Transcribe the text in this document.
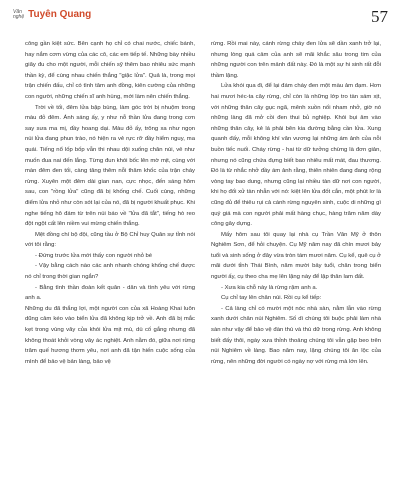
Văn
nghệ Tuyên Quang	57

công gần kiệt sức. Bên cạnh họ chỉ có chai nước, chiếc bánh, hay nắm cơm vừng của các cô, các em tiếp tế. Những bày nhiều giãy đu cho một người, mỗi chiến sỹ thêm bao nhiêu sức mạnh thần kỳ, để cùng nhau chiến thắng "giặc lửa". Quả là, trong mọi trận chiến đấu, chỉ có tình tâm anh đồng, kiên cường của những con người, những chiến sĩ anh hùng, mới làm nên chiến thắng.

Trời về tối, đêm lửa bập bùng, làm góc trời bị nhuộm trong màu đỏ đêm. Ánh sáng ấy, y như nỗ thần lửa đang trong cơn say sưa ma mị, đầy hoang dại. Màu đỏ ấy, trông xa như ngọn núi lửa đang phun trào, nó hiện ra vẻ rực rỡ đầy hiểm nguy, ma quái. Tiếng nổ lốp bốp vẫn thi nhau dội xuống chân núi, vẻ như muốn đua nai đến lắng. Từng đun khói bốc lên mờ mịt, cùng với màn đêm đen tối, càng tăng thêm nỗi thâm khốc của trận cháy rừng. Xuyên một đêm dài gian nan, cực nhọc, đến sáng hôm sau, con "rồng lửa" cũng đã bị khống chế. Cuối cùng, những điểm lửa nhỏ như còn sót lại của nó, đã bị người khuất phục. Khi nghe tiếng hô đám từ trên núi báo về "lửa đã tắt", tiếng hò reo đột ngột cất lên niềm vui mừng chiến thắng.

Mệt đồng chí bộ đội, cũng tầu ở Bộ Chỉ huy Quân sự tỉnh nói với tôi rằng:

- Đứng trước lửa mới thấy con người nhỏ bé

- Vậy bằng cách nào các anh nhanh chóng khống chế được nó chỉ trong thời gian ngắn?

- Bằng tình thần đoàn kết quân - dân và tình yêu với rừng anh a.

Những du đã thắng lợi, một người con của xã Hoàng Khai luôn dũng cảm kéo vào biển lửa đã không kịp trở về. Anh đã bị mắc kẹt trong vùng vây của khói lửa mịt mù, dù cố gắng nhưng đã không thoát khỏi vòng vây ác nghiệt. Anh nằm đó, giữa nơi rừng trăm quế hương thơm yêu, nơi anh đã tận hiến cuộc sống của mình để bảo vệ bản làng, bảo vệ

rừng. Rồi mai này, cánh rừng cháy đen lửa sẽ dần xanh trở lại, nhưng lòng quá cảm của anh sẽ mãi khắc sâu trong tim của những người con trên mảnh đất này. Đó là một sự hi sinh rất đỗi thầm lặng.

Lửa khói qua đi, để lại đám cháy đen một màu ảm đạm. Hơn hai mươi héc-ta cây rừng, chỉ còn là những lớp tro tàn sám xịt, với những thân cây gục ngã, mênh xuồn nối nham nhở, giờ nó những làng đã mở cồi đen thui bủ nghiệp. Khói bụi âm vào những thân cây, kẻ lá phải bên kia đường bằng cần lửa. Xung quanh đấy, mỗi không khí văn vương lại những ám ảnh của nỗi buồn tiếc nuối. Cháy rừng - hai từ dữ tưởng chừng là đơn giản, nhưng nó cũng chứa đựng biết bao nhiêu mất mát, đau thương. Đó là từ nhắc nhở đầy ám ảnh rằng, thiên nhiên đang đang rộng vòng tay bao dung, nhưng cũng lại nhiều tàn dữ nơi con người, khi họ đối xử tàn nhẫn với nó: kiệt lên lửa đốt cắn, một phút lơ là cũng đủ để thiêu rụi cả cánh rừng nguyên sinh, cuộc di những gì quý giá mà con người phải mất hàng chục, hàng trăm năm dày công gây dựng.

Mấy hôm sau tôi quay lại nhà cụ Trần Văn Mỹ ở thôn Nghiêm Sơn, để hỏi chuyện. Cụ Mỹ năm nay đã chín mươi bảy tuổi và sinh sống ở đây vừa tròn tám mươi năm. Cụ kể, quê cụ ở mãi dưới tỉnh Thái Bình, năm mười bảy tuổi, chân trong biển người ấy, cụ theo cha mẹ lên lặng này để lập thân lam đất.

- Xưa kia chỗ này là rừng rậm anh a.

Cụ chỉ tay lên chân núi. Rồi cụ kể tiếp:

- Cả làng chỉ có mười một nóc nhà sàn, nằm lẫn vào rừng xanh dưới chân núi Nghiêm. Số dì chúng tôi buộc phải làm nhà sàn như vậy để bảo vệ đàn thú và thú dữ trong rừng. Anh không biết đấy thôi, ngày xưa thỉnh thoảng chúng tôi vẫn gặp beo trên núi Nghiêm về làng. Bao năm nay, lặng chúng tôi ăn lộc của rừng, nên những đời người có ngày nợ với rừng mà lớn lên.
